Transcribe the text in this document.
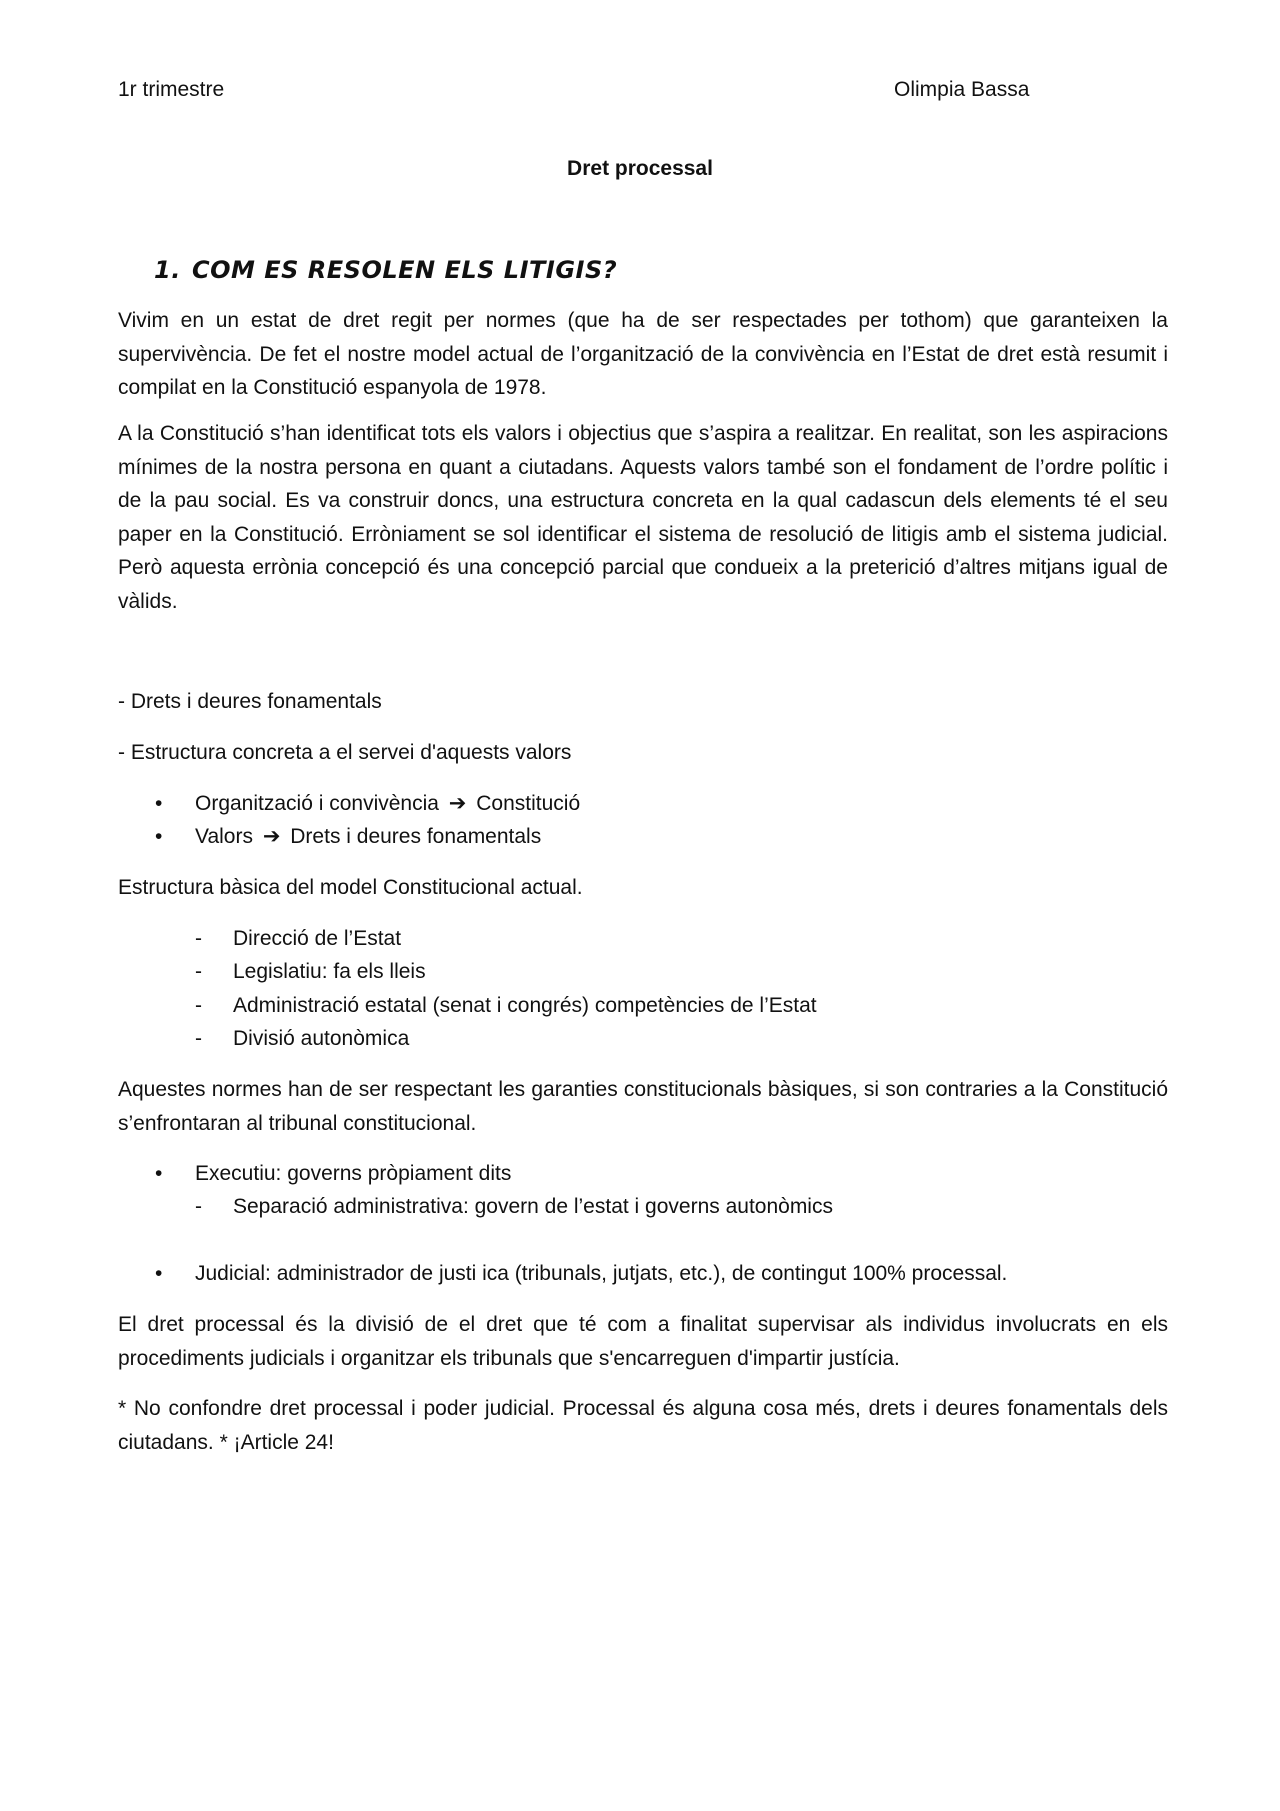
1r trimestre	Olimpia Bassa
Dret processal
1. COM ES RESOLEN ELS LITIGIS?
Vivim en un estat de dret regit per normes (que ha de ser respectades per tothom) que garanteixen la supervivència. De fet el nostre model actual de l’organització de la convivència en l’Estat de dret està resumit i compilat en la Constitució espanyola de 1978.
A la Constitució s’han identificat tots els valors i objectius que s’aspira a realitzar. En realitat, son les aspiracions mínimes de la nostra persona en quant a ciutadans. Aquests valors també son el fondament de l’ordre polític i de la pau social. Es va construir doncs, una estructura concreta en la qual cadascun dels elements té el seu paper en la Constitució. Erròniament se sol identificar el sistema de resolució de litigis amb el sistema judicial. Però aquesta errònia concepció és una concepció parcial que condueix a la preterició d’altres mitjans igual de vàlids.
- Drets i deures fonamentals
- Estructura concreta a el servei d'aquests valors
• Organització i convivència ➔ Constitució
• Valors ➔ Drets i deures fonamentals
Estructura bàsica del model Constitucional actual.
- Direcció de l’Estat
- Legislatiu: fa els lleis
- Administració estatal (senat i congrés) competències de l’Estat
- Divisió autonòmica
Aquestes normes han de ser respectant les garanties constitucionals bàsiques, si son contraries a la Constitució s’enfrontaran al tribunal constitucional.
• Executiu: governs pròpiament dits
- Separació administrativa: govern de l’estat i governs autonòmics
• Judicial: administrador de justi ica (tribunals, jutjats, etc.), de contingut 100% processal.
El dret processal és la divisió de el dret que té com a finalitat supervisar als individus involucrats en els procediments judicials i organitzar els tribunals que s'encarreguen d'impartir justícia.
* No confondre dret processal i poder judicial. Processal és alguna cosa més, drets i deures fonamentals dels ciutadans. * ¡Article 24!
